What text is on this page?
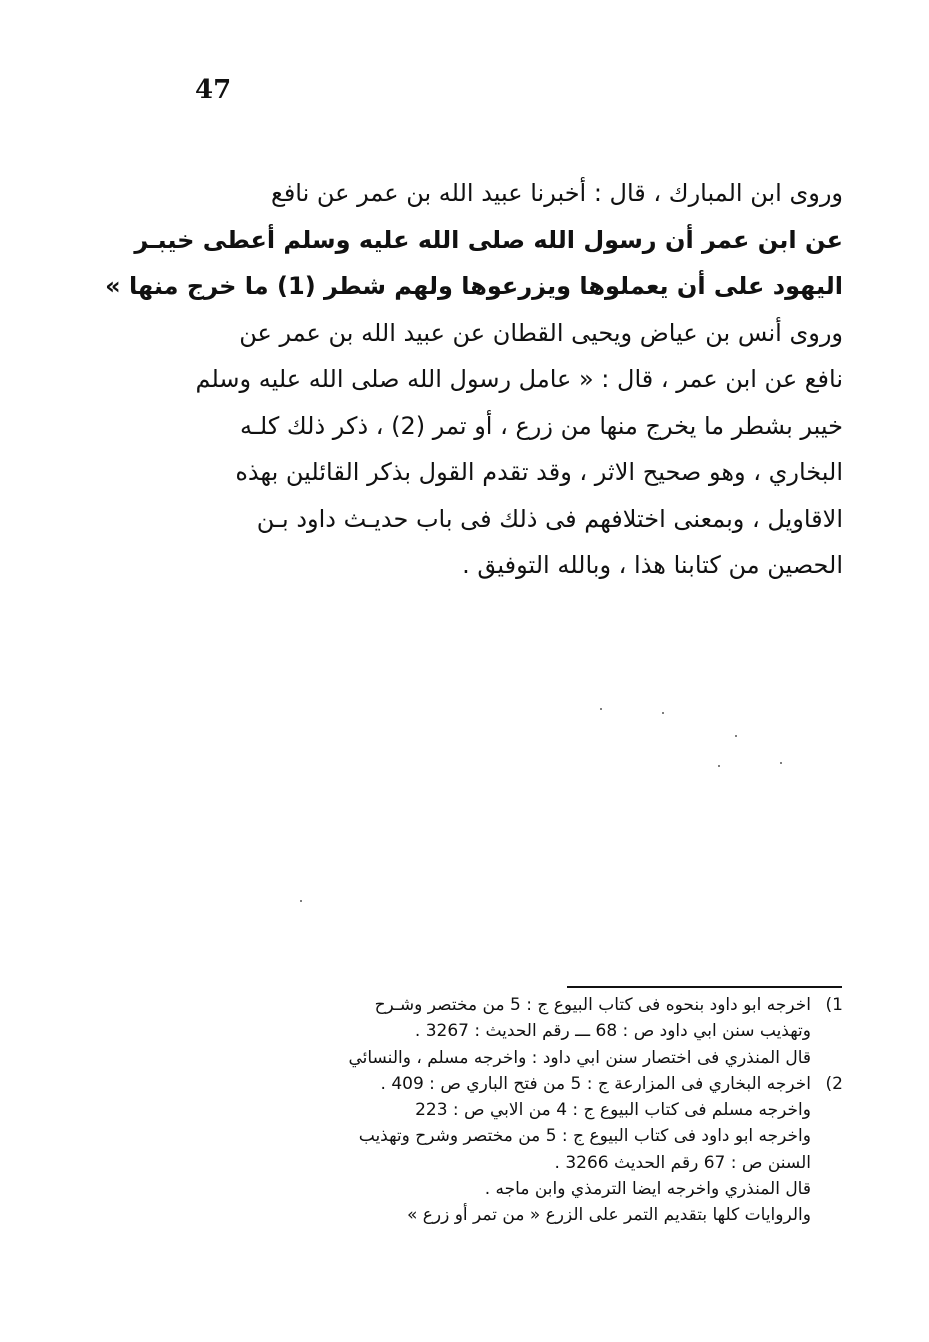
47
وروى ابن المبارك ، قال : أخبرنا عبيد الله بن عمر عن نافع
عن ابن عمر أن رسول الله صلى الله عليه وسلم أعطى خيبـر
اليهود على أن يعملوها ويزرعوها ولهم شطر (1) ما خرج منها »
وروى أنس بن عياض ويحيى القطان عن عبيد الله بن عمر عن
نافع عن ابن عمر ، قال : « عامل رسول الله صلى الله عليه وسلم
خيبر بشطر ما يخرج منها من زرع ، أو تمر (2) ، ذكر ذلك كلـه
البخاري ، وهو صحيح الاثر ، وقد تقدم القول بذكر القائلين بهذه
الاقاويل ، وبمعنى اختلافهم فى ذلك فى باب حديـث داود بـن
الحصين من كتابنا هذا ، وبالله التوفيق .
1)
اخرجه ابو داود بنحوه فى كتاب البيوع ج : 5 من مختصر وشـرح
وتهذيب سنن ابي داود ص : 68 ـــ رقم الحديث : 3267 .
قال المنذري فى اختصار سنن ابي داود : واخرجه مسلم ، والنسائي
2)
اخرجه البخاري فى المزارعة ج : 5 من فتح الباري ص : 409 .
واخرجه مسلم فى كتاب البيوع ج : 4 من الابي ص : 223
واخرجه ابو داود فى كتاب البيوع ج : 5 من مختصر وشرح وتهذيب
السنن ص : 67 رقم الحديث 3266 .
قال المنذري واخرجه ايضا الترمذي وابن ماجه .
والروايات كلها بتقديم التمر على الزرع « من تمر أو زرع »
